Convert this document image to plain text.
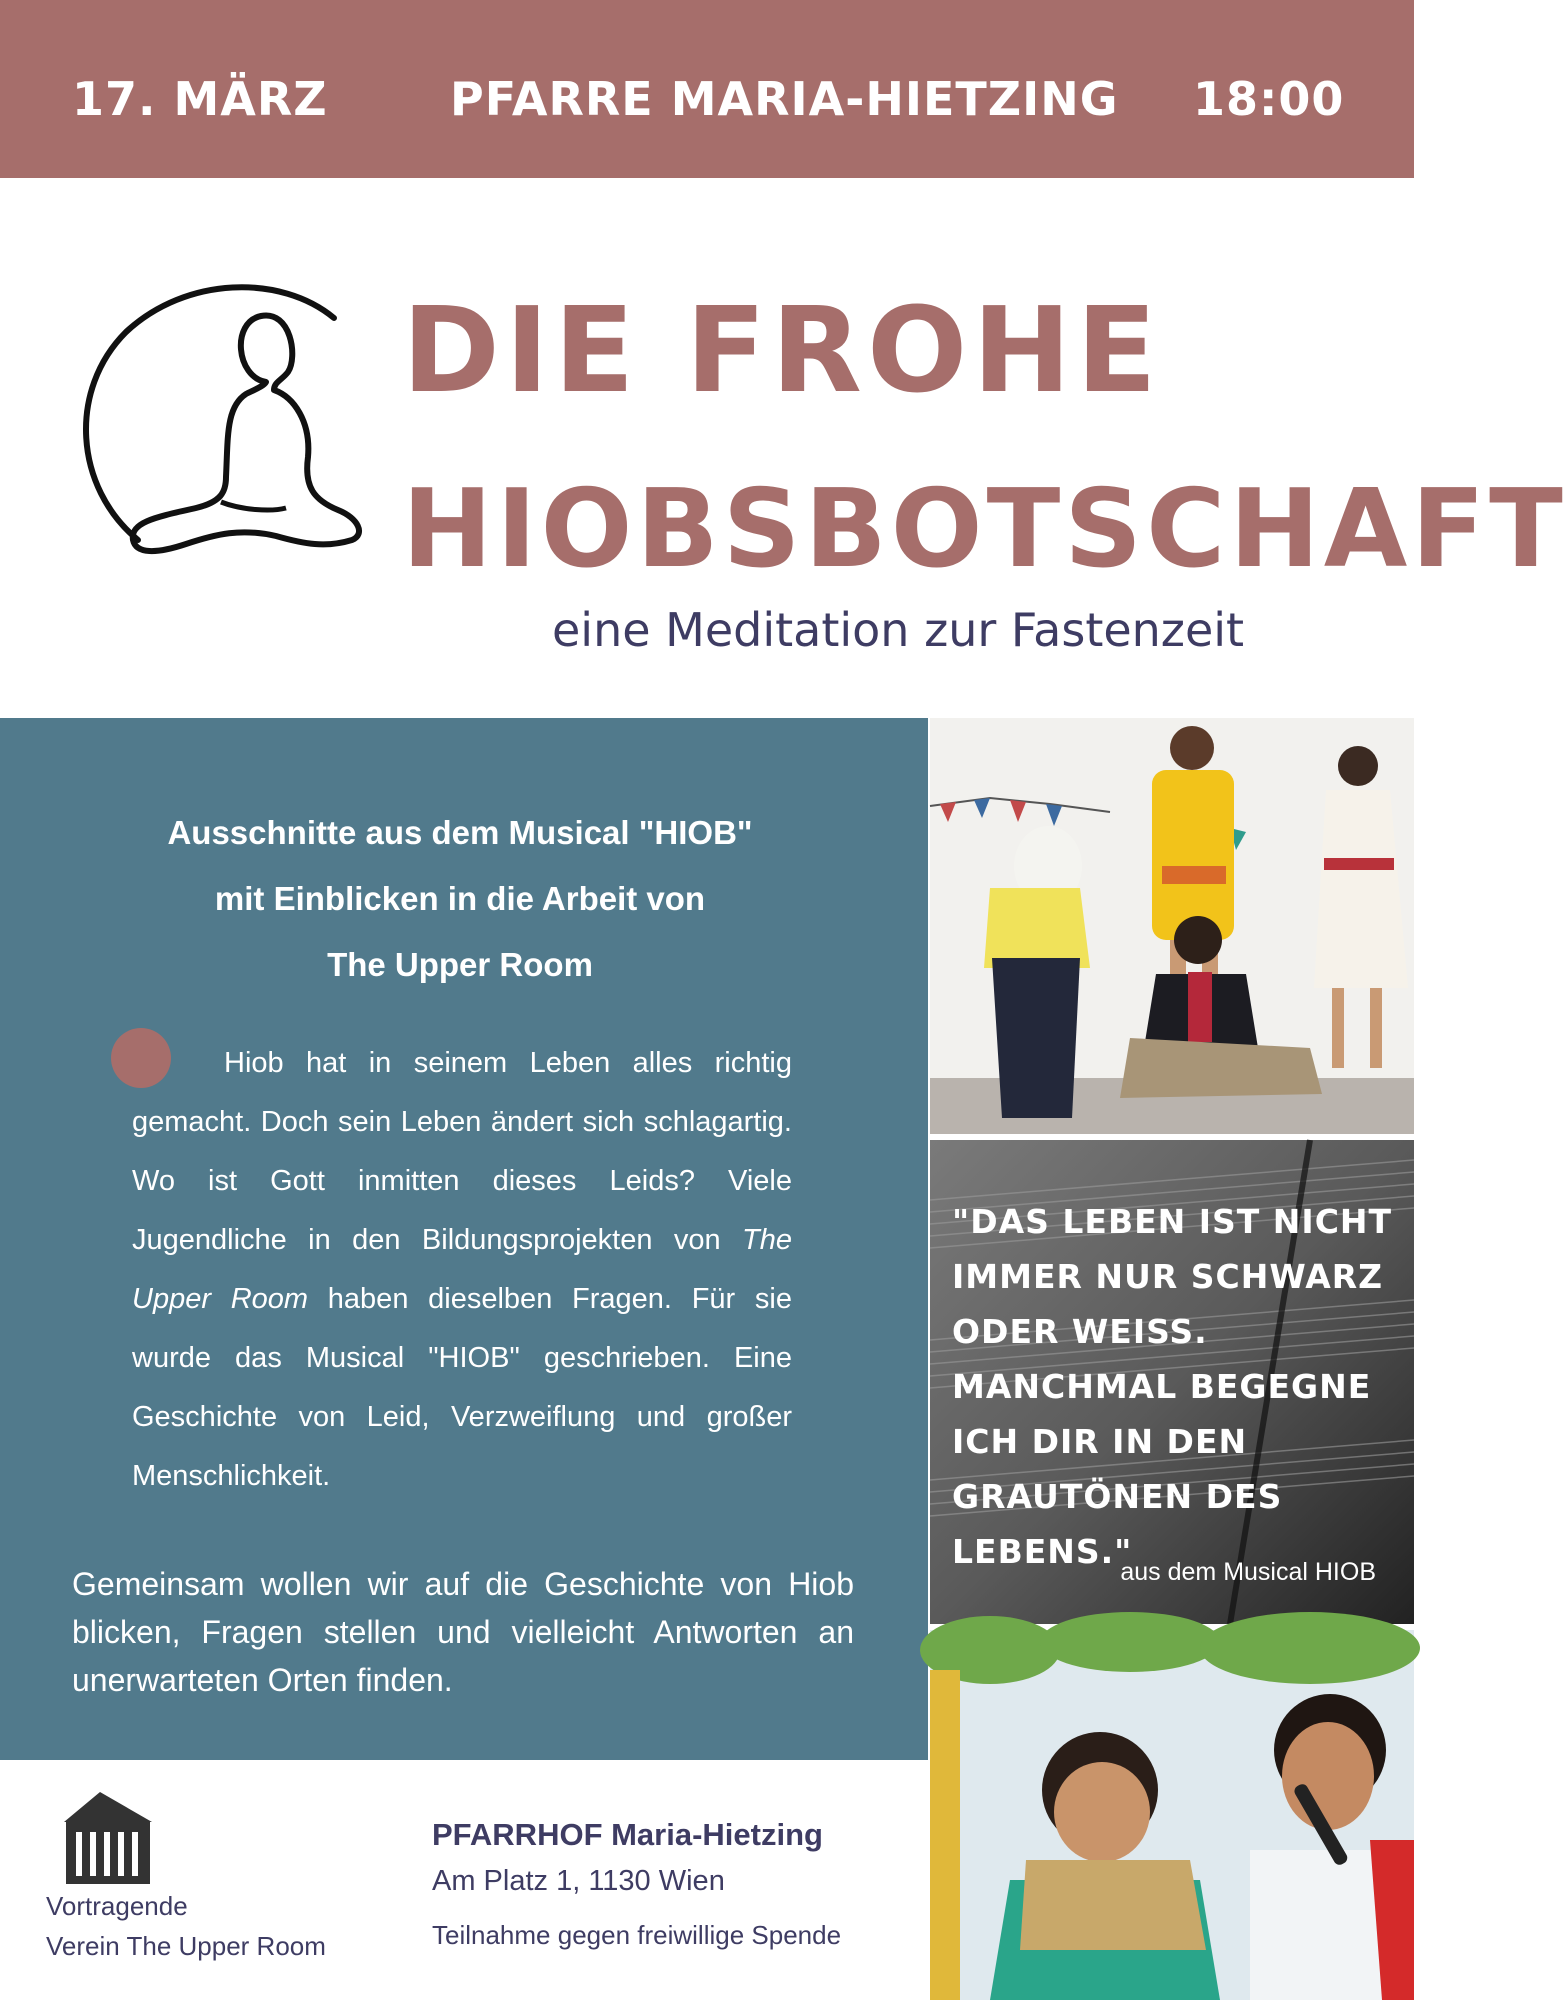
17. MÄRZ	PFARRE MARIA-HIETZING 18:00
DIE FROHE
HIOBSBOTSCHAFT
eine Meditation zur Fastenzeit
Ausschnitte aus dem Musical "HIOB"
mit Einblicken in die Arbeit von
The Upper Room

Hiob hat in seinem Leben alles richtig gemacht. Doch sein Leben ändert sich schlagartig. Wo ist Gott inmitten dieses Leids? Viele Jugendliche in den Bildungsprojekten von The Upper Room haben dieselben Fragen. Für sie wurde das Musical "HIOB" geschrieben. Eine Geschichte von Leid, Verzweiflung und großer Menschlichkeit.

Gemeinsam wollen wir auf die Geschichte von Hiob blicken, Fragen stellen und vielleicht Antworten an unerwarteten Orten finden.
Vortragende
Verein The Upper Room
PFARRHOF Maria-Hietzing
Am Platz 1, 1130 Wien
Teilnahme gegen freiwillige Spende
"DAS LEBEN IST NICHT IMMER NUR SCHWARZ ODER WEISS. MANCHMAL BEGEGNE ICH DIR IN DEN GRAUTÖNEN DES LEBENS."
aus dem Musical HIOB
